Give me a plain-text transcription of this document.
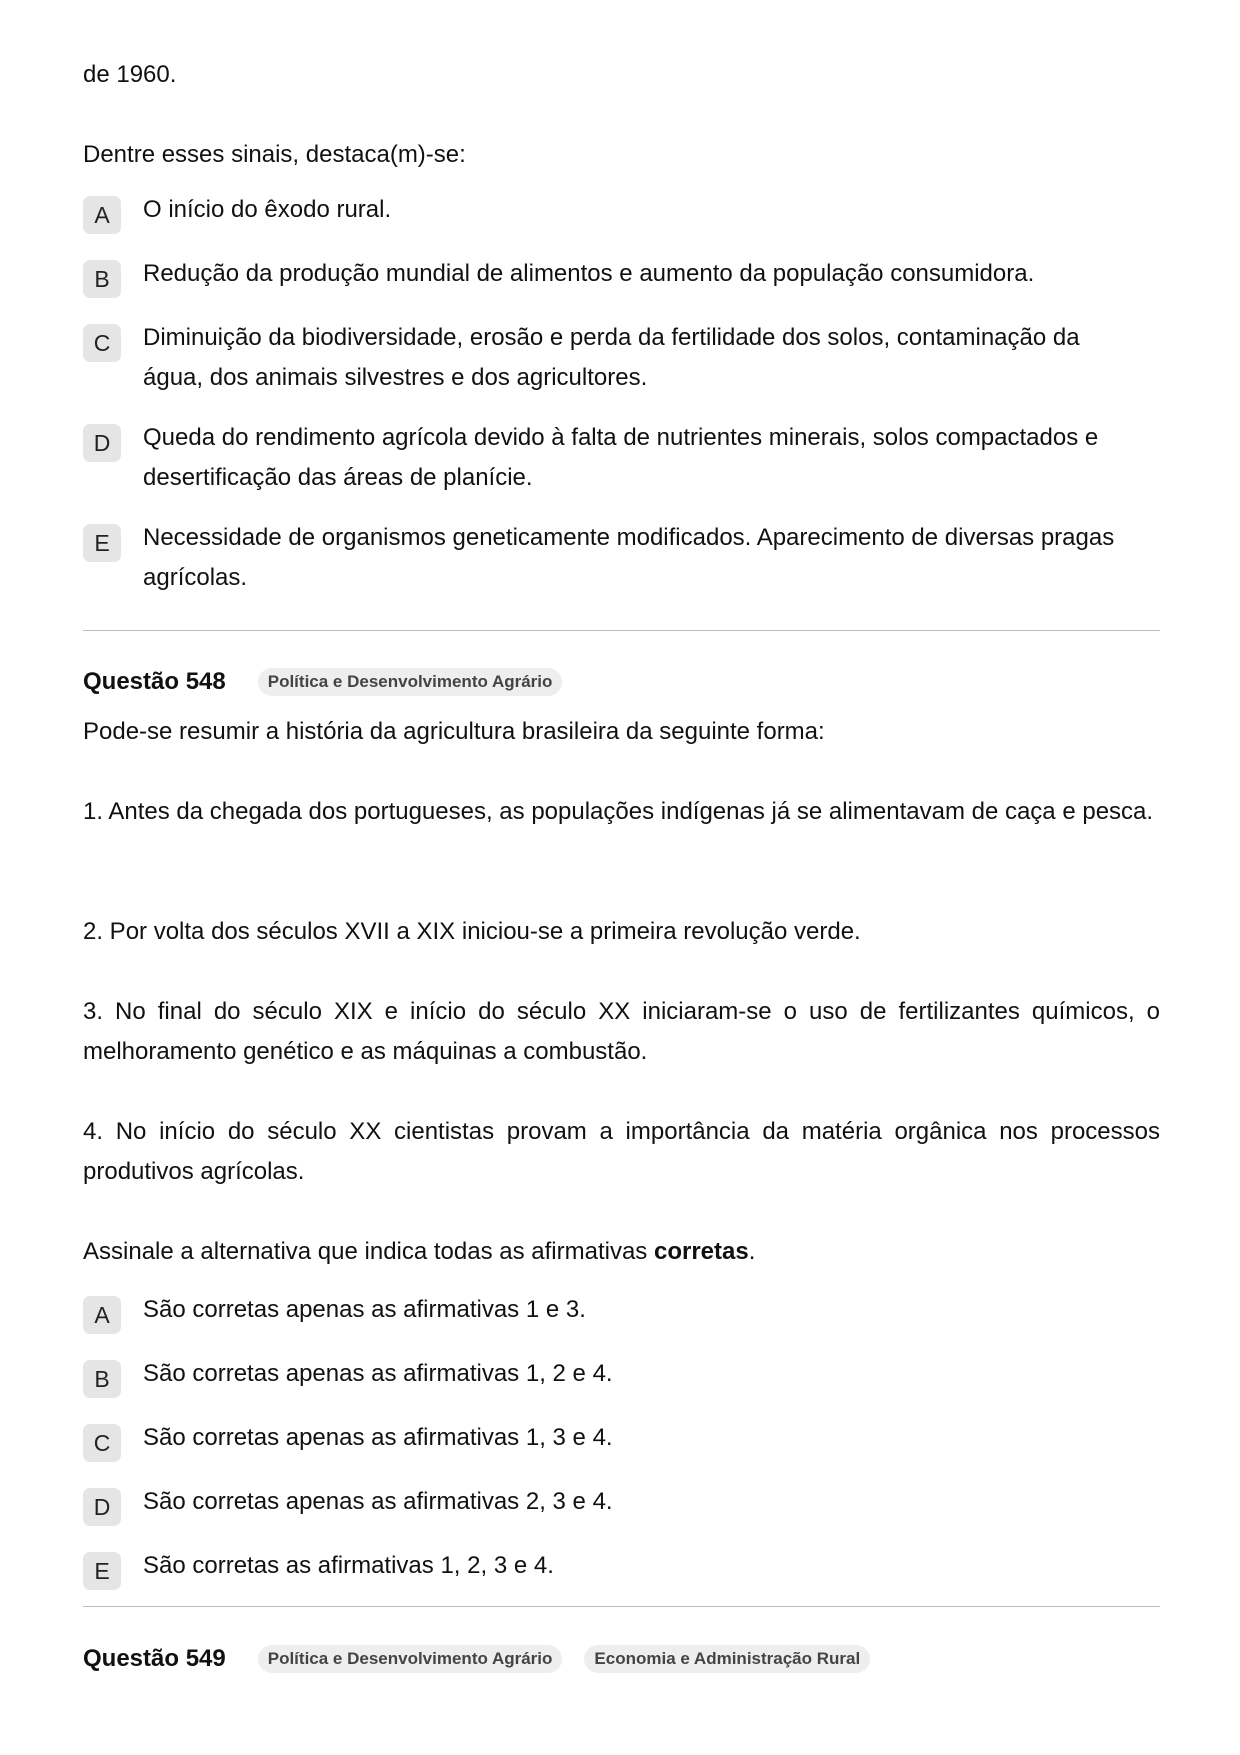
de 1960.
Dentre esses sinais, destaca(m)-se:
A	O início do êxodo rural.
B	Redução da produção mundial de alimentos e aumento da população consumidora.
C	Diminuição da biodiversidade, erosão e perda da fertilidade dos solos, contaminação da água, dos animais silvestres e dos agricultores.
D	Queda do rendimento agrícola devido à falta de nutrientes minerais, solos compactados e desertificação das áreas de planície.
E	Necessidade de organismos geneticamente modificados. Aparecimento de diversas pragas agrícolas.
Questão 548	Política e Desenvolvimento Agrário
Pode-se resumir a história da agricultura brasileira da seguinte forma:
1. Antes da chegada dos portugueses, as populações indígenas já se alimentavam de caça e pesca.
2. Por volta dos séculos XVII a XIX iniciou-se a primeira revolução verde.
3. No final do século XIX e início do século XX iniciaram-se o uso de fertilizantes químicos, o melhoramento genético e as máquinas a combustão.
4. No início do século XX cientistas provam a importância da matéria orgânica nos processos produtivos agrícolas.
Assinale a alternativa que indica todas as afirmativas corretas.
A	São corretas apenas as afirmativas 1 e 3.
B	São corretas apenas as afirmativas 1, 2 e 4.
C	São corretas apenas as afirmativas 1, 3 e 4.
D	São corretas apenas as afirmativas 2, 3 e 4.
E	São corretas as afirmativas 1, 2, 3 e 4.
Questão 549	Política e Desenvolvimento Agrário	Economia e Administração Rural
